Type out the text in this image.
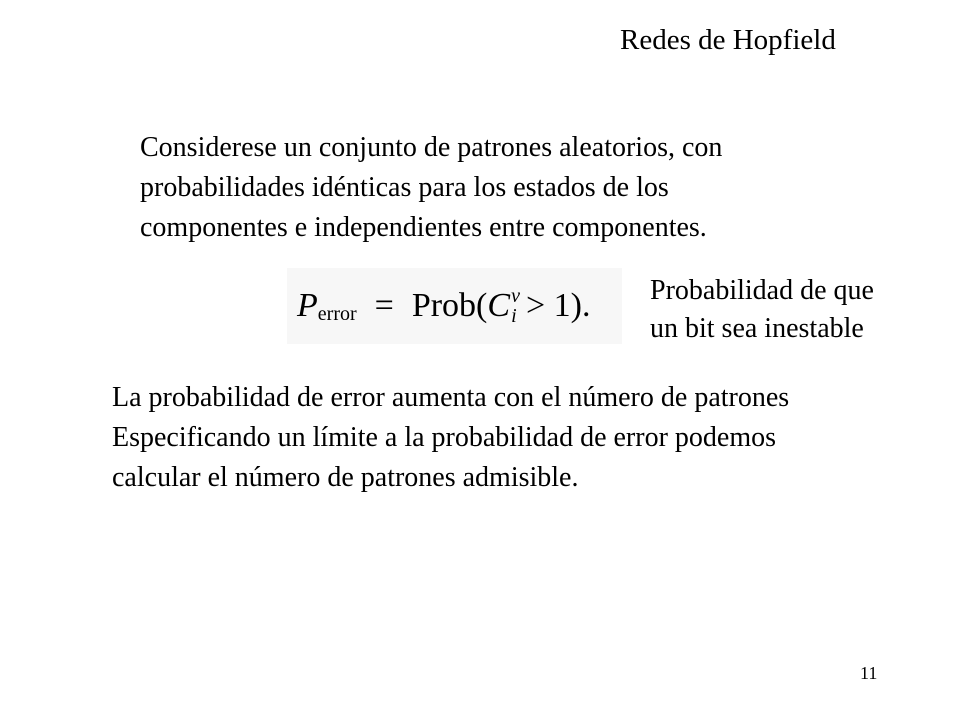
Redes de Hopfield
Considerese un conjunto de patrones aleatorios, con
probabilidades idénticas para los estados de los
componentes e independientes entre componentes.
P error = Prob( C ν
i > 1) . Probabilidad de que
un bit sea inestable
La probabilidad de error aumenta con el número de patrones
Especificando un límite a la probabilidad de error podemos
calcular el número de patrones admisible.
11
